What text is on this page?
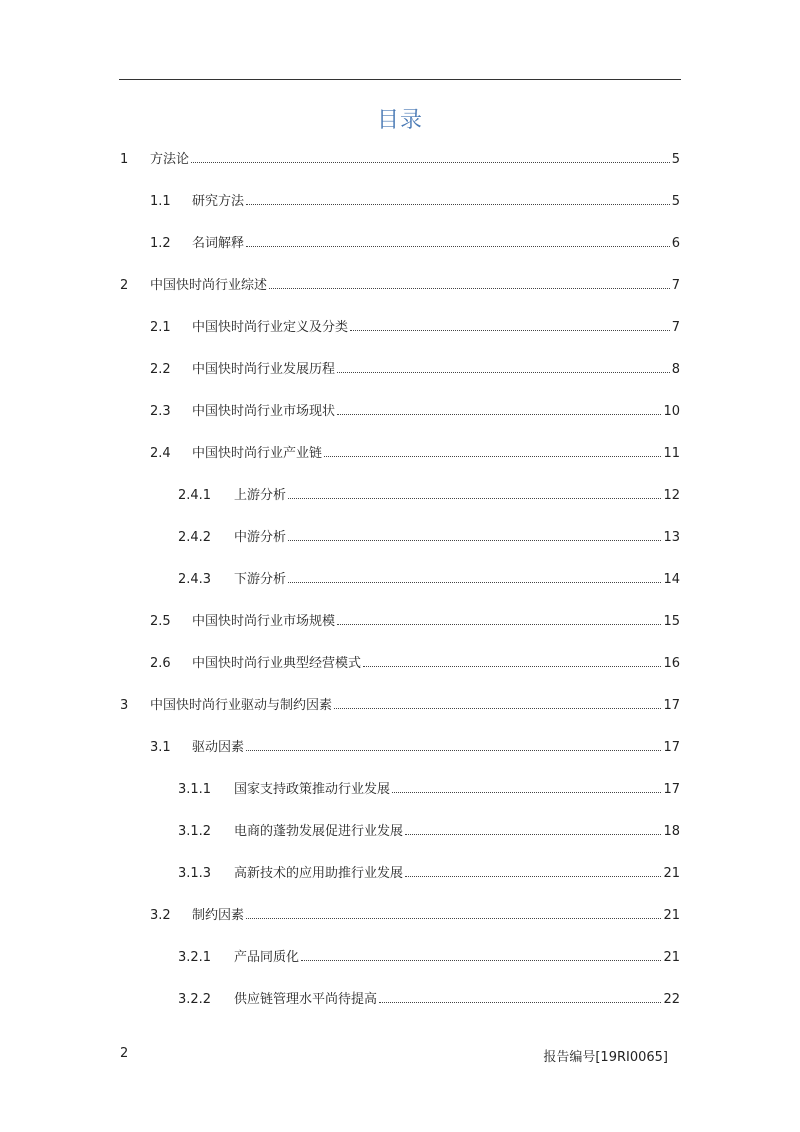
目录
1 方法论	5
1.1 研究方法	5
1.2 名词解释	6
2 中国快时尚行业综述	7
2.1 中国快时尚行业定义及分类	7
2.2 中国快时尚行业发展历程	8
2.3 中国快时尚行业市场现状	10
2.4 中国快时尚行业产业链	11
2.4.1 上游分析	12
2.4.2 中游分析	13
2.4.3 下游分析	14
2.5 中国快时尚行业市场规模	15
2.6 中国快时尚行业典型经营模式	16
3 中国快时尚行业驱动与制约因素	17
3.1 驱动因素	17
3.1.1 国家支持政策推动行业发展	17
3.1.2 电商的蓬勃发展促进行业发展	18
3.1.3 高新技术的应用助推行业发展	21
3.2 制约因素	21
3.2.1 产品同质化	21
3.2.2 供应链管理水平尚待提高	22
2	报告编号[19RI0065]
